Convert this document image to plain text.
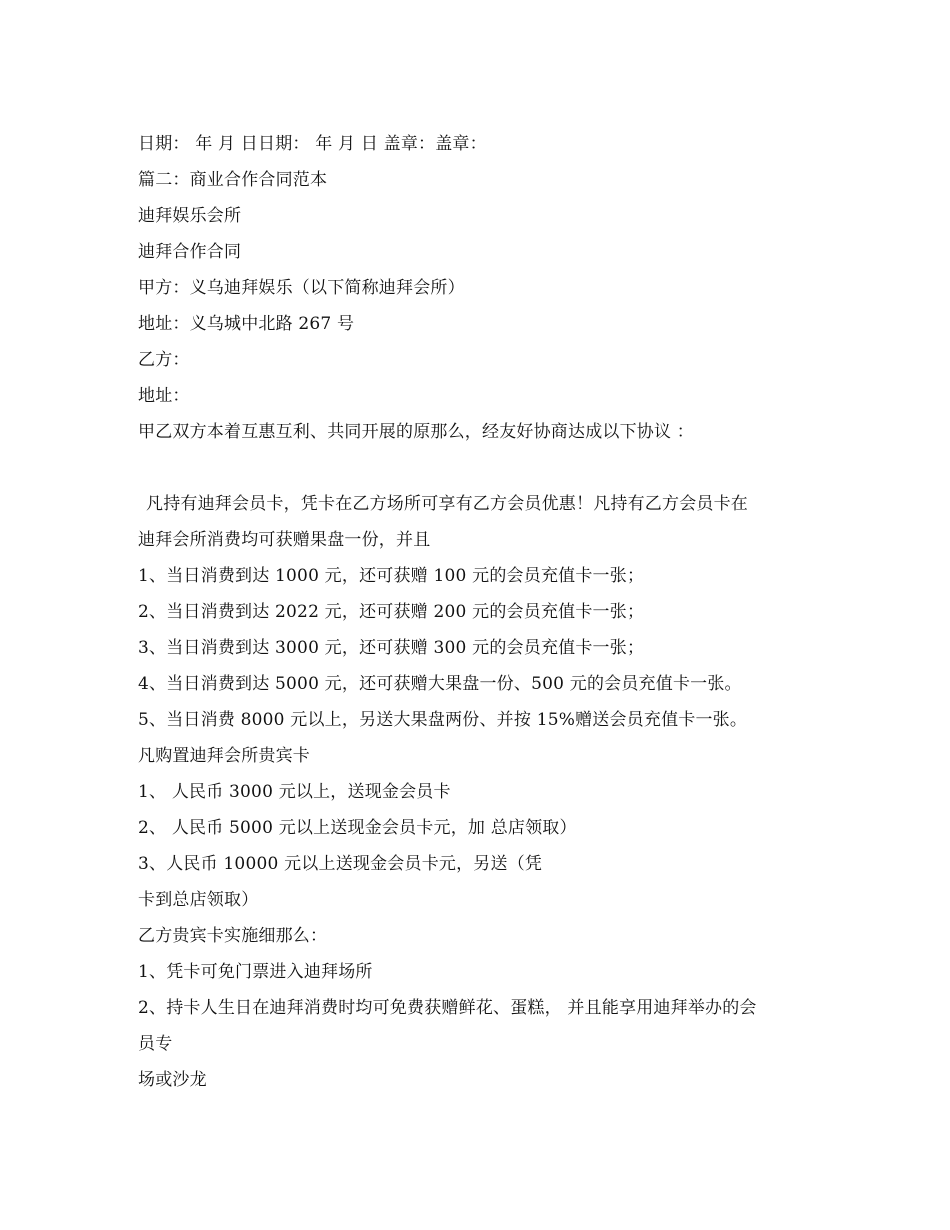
日期： 年 月 日日期： 年 月 日 盖章：盖章：
篇二：商业合作合同范本
迪拜娱乐会所
迪拜合作合同
甲方：义乌迪拜娱乐（以下简称迪拜会所）
地址：义乌城中北路 267 号
乙方：
地址：
甲乙双方本着互惠互利、共同开展的原那么，经友好协商达成以下协议 ：
凡持有迪拜会员卡，凭卡在乙方场所可享有乙方会员优惠！凡持有乙方会员卡在
迪拜会所消费均可获赠果盘一份，并且
1、当日消费到达 1000 元，还可获赠 100 元的会员充值卡一张；
2、当日消费到达 2022 元，还可获赠 200 元的会员充值卡一张；
3、当日消费到达 3000 元，还可获赠 300 元的会员充值卡一张；
4、当日消费到达 5000 元，还可获赠大果盘一份、500 元的会员充值卡一张。
5、当日消费 8000 元以上，另送大果盘两份、并按 15%赠送会员充值卡一张。
凡购置迪拜会所贵宾卡
1、 人民币 3000 元以上，送现金会员卡
2、 人民币 5000 元以上送现金会员卡元，加 总店领取）
3、人民币 10000 元以上送现金会员卡元，另送（凭
卡到总店领取）
乙方贵宾卡实施细那么：
1、凭卡可免门票进入迪拜场所
2、持卡人生日在迪拜消费时均可免费获赠鲜花、蛋糕， 并且能享用迪拜举办的会
员专
场或沙龙
